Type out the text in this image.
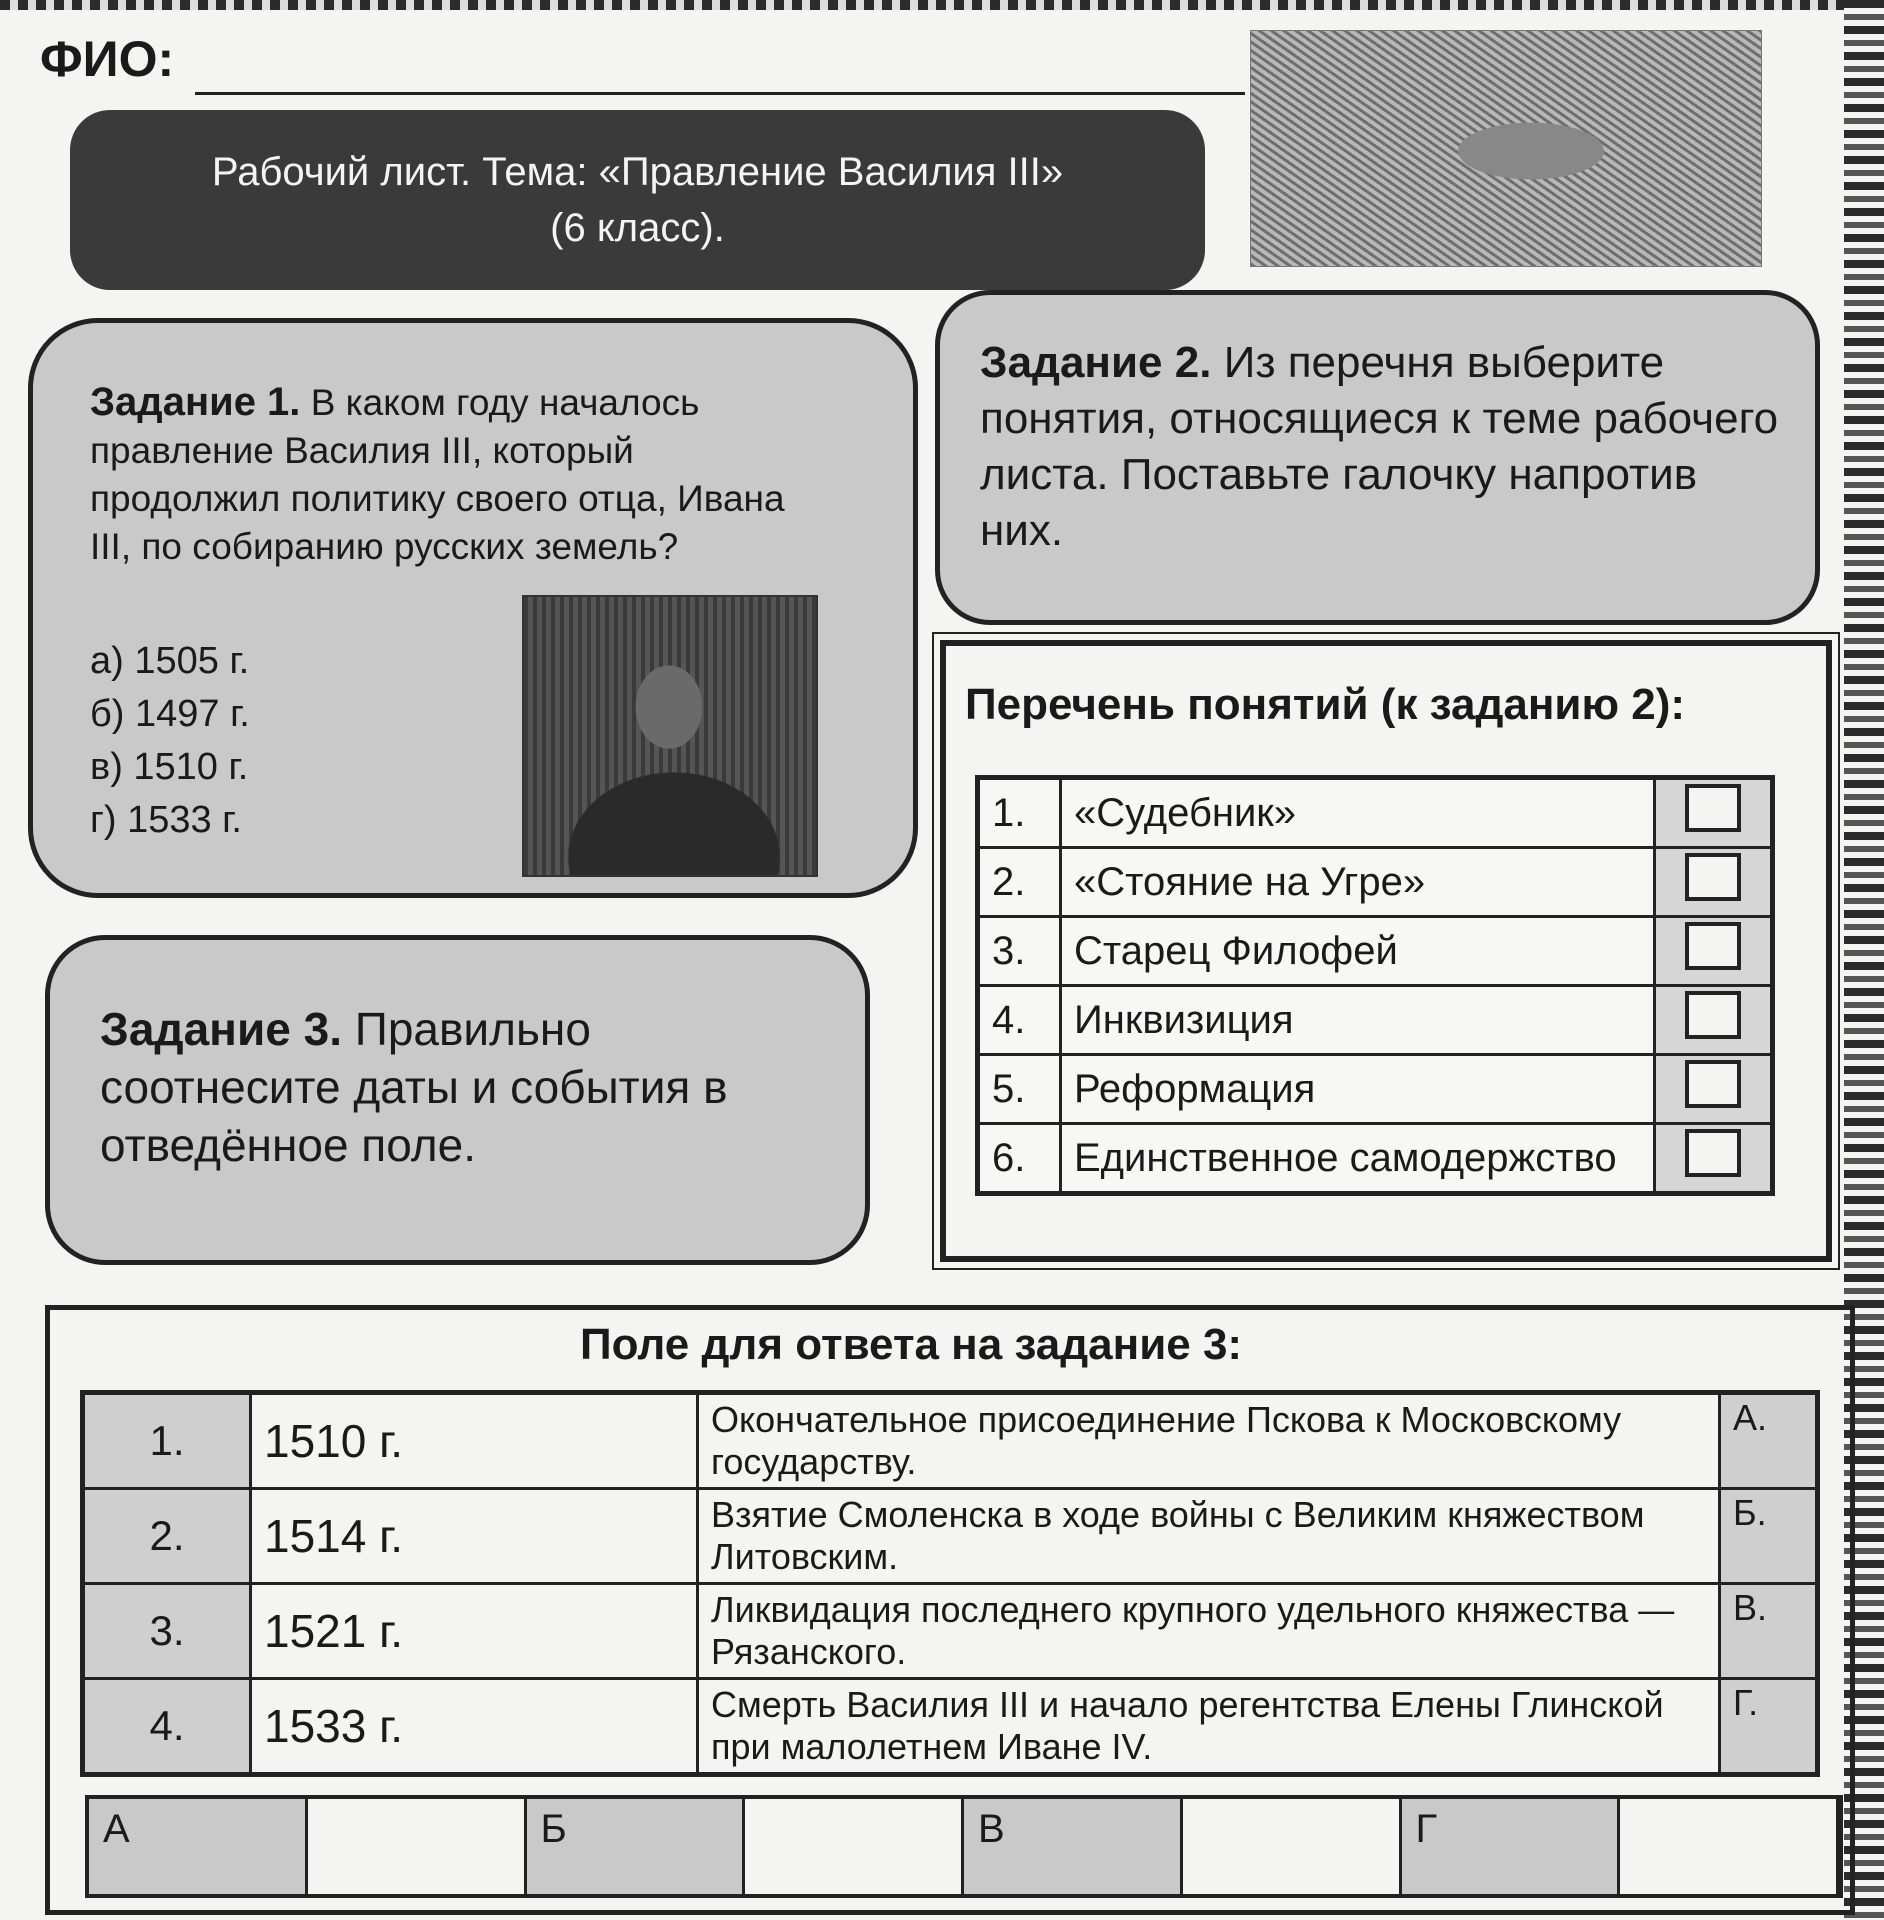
ФИО:
Рабочий лист. Тема: «Правление Василия III»
(6 класс).
Задание 1. В каком году началось правление Василия III, который продолжил политику своего отца, Ивана III, по собиранию русских земель?
а) 1505 г.
б) 1497 г.
в) 1510 г.
г) 1533 г.
Задание 2. Из перечня выберите понятия, относящиеся к теме рабочего листа. Поставьте галочку напротив них.
Задание 3. Правильно соотнесите даты и события в отведённое поле.
Перечень понятий (к заданию 2):
1.	«Судебник»	
2.	«Стояние на Угре»	
3.	Старец Филофей	
4.	Инквизиция	
5.	Реформация	
6.	Единственное самодержство	
Поле для ответа на задание 3:
1.	1510 г.	Окончательное присоединение Пскова к Московскому государству.	А.
2.	1514 г.	Взятие Смоленска в ходе войны с Великим княжеством Литовским.	Б.
3.	1521 г.	Ликвидация последнего крупного удельного княжества — Рязанского.	В.
4.	1533 г.	Смерть Василия III и начало регентства Елены Глинской при малолетнем Иване IV.	Г.
А	Б	В	Г
